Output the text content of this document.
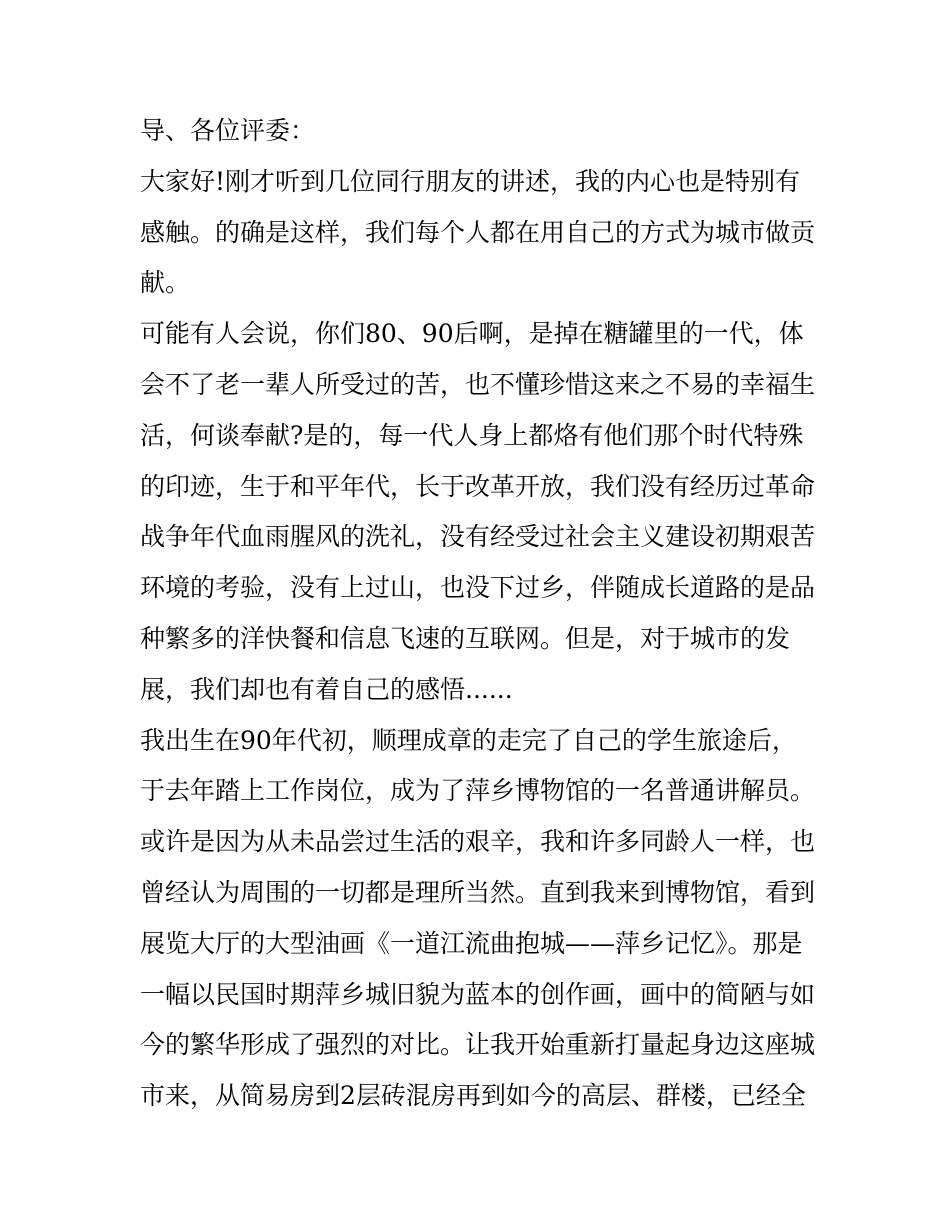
导、各位评委：
大家好!刚才听到几位同行朋友的讲述，我的内心也是特别有
感触。的确是这样，我们每个人都在用自己的方式为城市做贡
献。
可能有人会说，你们80、90后啊，是掉在糖罐里的一代，体
会不了老一辈人所受过的苦，也不懂珍惜这来之不易的幸福生
活，何谈奉献?是的，每一代人身上都烙有他们那个时代特殊
的印迹，生于和平年代，长于改革开放，我们没有经历过革命
战争年代血雨腥风的洗礼，没有经受过社会主义建设初期艰苦
环境的考验，没有上过山，也没下过乡，伴随成长道路的是品
种繁多的洋快餐和信息飞速的互联网。但是，对于城市的发
展，我们却也有着自己的感悟......
我出生在90年代初，顺理成章的走完了自己的学生旅途后，
于去年踏上工作岗位，成为了萍乡博物馆的一名普通讲解员。
或许是因为从未品尝过生活的艰辛，我和许多同龄人一样，也
曾经认为周围的一切都是理所当然。直到我来到博物馆，看到
展览大厅的大型油画《一道江流曲抱城——萍乡记忆》。那是
一幅以民国时期萍乡城旧貌为蓝本的创作画，画中的简陋与如
今的繁华形成了强烈的对比。让我开始重新打量起身边这座城
市来，从简易房到2层砖混房再到如今的高层、群楼，已经全
